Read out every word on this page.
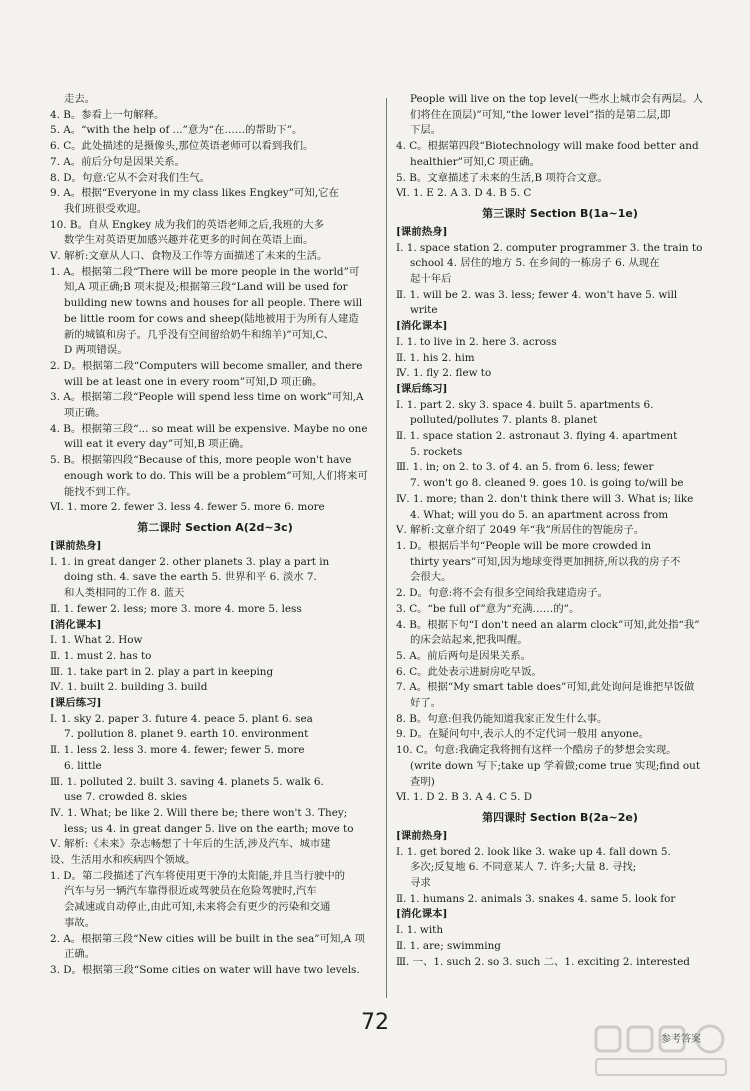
走去。
4. B。参看上一句解释。
5. A。“with the help of ...”意为“在……的帮助下”。
6. C。此处描述的是摄像头,那位英语老师可以看到我们。
7. A。前后分句是因果关系。
8. D。句意:它从不会对我们生气。
9. A。根据“Everyone in my class likes Engkey”可知,它在
我们班很受欢迎。
10. B。自从 Engkey 成为我们的英语老师之后,我班的大多
数学生对英语更加感兴趣并花更多的时间在英语上面。
Ⅴ. 解析:文章从人口、食物及工作等方面描述了未来的生活。
1. A。根据第二段“There will be more people in the world”可
知,A 项正确;B 项末提及;根据第三段“Land will be used for
building new towns and houses for all people. There will
be little room for cows and sheep(陆地被用于为所有人建造
新的城镇和房子。几乎没有空间留给奶牛和绵羊)”可知,C、
D 两项错误。
2. D。根据第二段“Computers will become smaller, and there
will be at least one in every room”可知,D 项正确。
3. A。根据第二段“People will spend less time on work”可知,A
项正确。
4. B。根据第三段“... so meat will be expensive. Maybe no one
will eat it every day”可知,B 项正确。
5. B。根据第四段“Because of this, more people won't have
enough work to do. This will be a problem”可知,人们将来可
能找不到工作。
Ⅵ. 1. more 2. fewer 3. less 4. fewer 5. more 6. more
第二课时 Section A(2d~3c)
[课前热身]
Ⅰ. 1. in great danger 2. other planets 3. play a part in
doing sth. 4. save the earth 5. 世界和平 6. 淡水 7.
和人类相同的工作 8. 蓝天
Ⅱ. 1. fewer 2. less; more 3. more 4. more 5. less
[消化课本]
Ⅰ. 1. What 2. How
Ⅱ. 1. must 2. has to
Ⅲ. 1. take part in 2. play a part in keeping
Ⅳ. 1. built 2. building 3. build
[课后练习]
Ⅰ. 1. sky 2. paper 3. future 4. peace 5. plant 6. sea
7. pollution 8. planet 9. earth 10. environment
Ⅱ. 1. less 2. less 3. more 4. fewer; fewer 5. more
6. little
Ⅲ. 1. polluted 2. built 3. saving 4. planets 5. walk 6.
use 7. crowded 8. skies
Ⅳ. 1. What; be like 2. Will there be; there won't 3. They;
less; us 4. in great danger 5. live on the earth; move to
Ⅴ. 解析:《未来》杂志畅想了十年后的生活,涉及汽车、城市建
设、生活用水和疾病四个领域。
1. D。第二段描述了汽车将使用更干净的太阳能,并且当行驶中的
汽车与另一辆汽车靠得很近或驾驶员在危险驾驶时,汽车
会减速或自动停止,由此可知,未来将会有更少的污染和交通
事故。
2. A。根据第三段“New cities will be built in the sea”可知,A 项
正确。
3. D。根据第三段“Some cities on water will have two levels.
People will live on the top level(一些水上城市会有两层。人
们将住在顶层)”可知,“the lower level”指的是第二层,即
下层。
4. C。根据第四段“Biotechnology will make food better and
healthier”可知,C 项正确。
5. B。文章描述了未来的生活,B 项符合文意。
Ⅵ. 1. E 2. A 3. D 4. B 5. C
第三课时 Section B(1a~1e)
[课前热身]
Ⅰ. 1. space station 2. computer programmer 3. the train to
school 4. 居住的地方 5. 在乡间的一栋房子 6. 从现在
起十年后
Ⅱ. 1. will be 2. was 3. less; fewer 4. won't have 5. will
write
[消化课本]
Ⅰ. 1. to live in 2. here 3. across
Ⅱ. 1. his 2. him
Ⅳ. 1. fly 2. flew to
[课后练习]
Ⅰ. 1. part 2. sky 3. space 4. built 5. apartments 6.
polluted/pollutes 7. plants 8. planet
Ⅱ. 1. space station 2. astronaut 3. flying 4. apartment
5. rockets
Ⅲ. 1. in; on 2. to 3. of 4. an 5. from 6. less; fewer
7. won't go 8. cleaned 9. goes 10. is going to/will be
Ⅳ. 1. more; than 2. don't think there will 3. What is; like
4. What; will you do 5. an apartment across from
Ⅴ. 解析:文章介绍了 2049 年“我”所居住的智能房子。
1. D。根据后半句“People will be more crowded in
thirty years”可知,因为地球变得更加拥挤,所以我的房子不
会很大。
2. D。句意:将不会有很多空间给我建造房子。
3. C。“be full of”意为“充满……的”。
4. B。根据下句“I don't need an alarm clock”可知,此处指“我”
的床会站起来,把我叫醒。
5. A。前后两句是因果关系。
6. C。此处表示进厨房吃早饭。
7. A。根据“My smart table does”可知,此处询问是谁把早饭做
好了。
8. B。句意:但我仍能知道我家正发生什么事。
9. D。在疑问句中,表示人的不定代词一般用 anyone。
10. C。句意:我确定我将拥有这样一个酷房子的梦想会实现。
(write down 写下;take up 学着做;come true 实现;find out
查明)
Ⅵ. 1. D 2. B 3. A 4. C 5. D
第四课时 Section B(2a~2e)
[课前热身]
Ⅰ. 1. get bored 2. look like 3. wake up 4. fall down 5.
多次;反复地 6. 不同意某人 7. 许多;大量 8. 寻找;
寻求
Ⅱ. 1. humans 2. animals 3. snakes 4. same 5. look for
[消化课本]
Ⅰ. 1. with
Ⅱ. 1. are; swimming
Ⅲ. 一、1. such 2. so 3. such 二、1. exciting 2. interested
72
参考答案
